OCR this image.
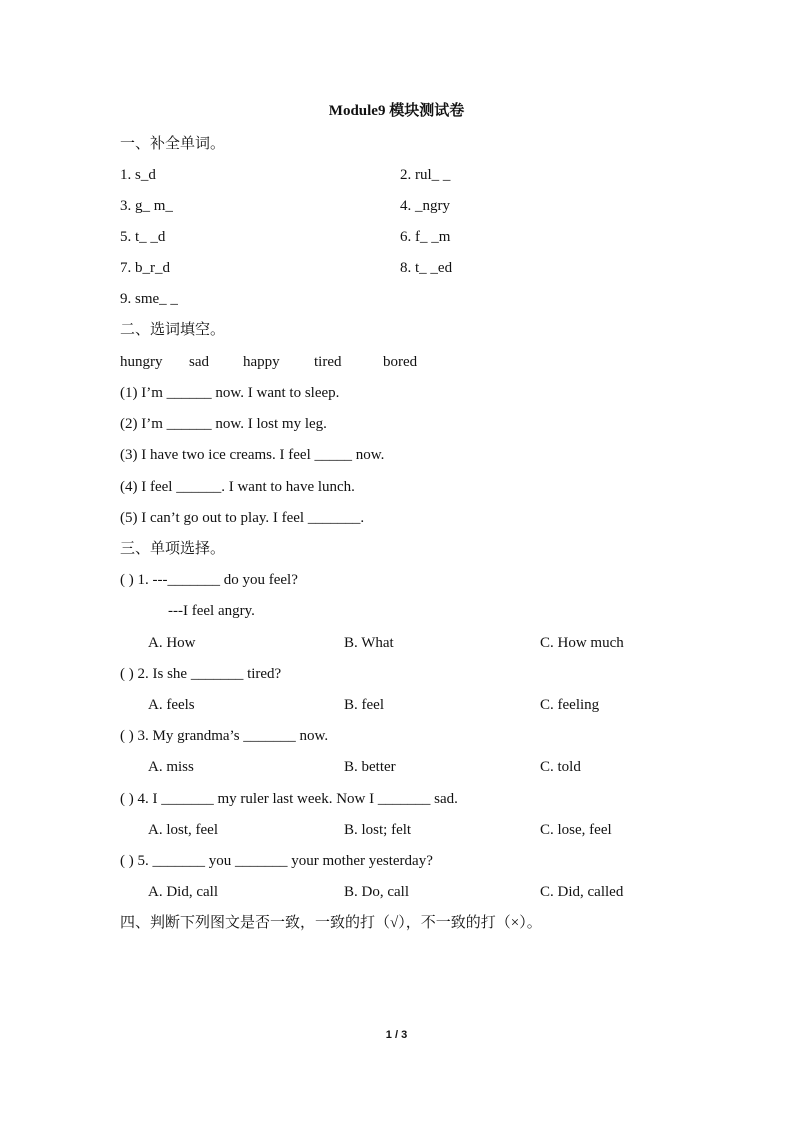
Module9 模块测试卷
一、补全单词。
1. s_d	2. rul_ _
3. g_ m_	4. _ngry
5. t_ _d	6. f_ _m
7. b_r_d	8. t_ _ed
9. sme_ _
二、选词填空。
hungry sad happy tired	bored
(1) I’m ______ now. I want to sleep.
(2) I’m ______ now. I lost my leg.
(3) I have two ice creams. I feel _____ now.
(4) I feel ______. I want to have lunch.
(5) I can’t go out to play. I feel _______.
三、单项选择。
( ) 1. ---_______ do you feel?
---I feel angry.
A. How	B. What	C. How much
( ) 2. Is she _______ tired?
A. feels	B. feel	C. feeling
( ) 3. My grandma’s _______ now.
A. miss	B. better	C. told
( ) 4. I _______ my ruler last week. Now I _______ sad.
A. lost, feel	B. lost; felt	C. lose, feel
( ) 5. _______ you _______ your mother yesterday?
A. Did, call	B. Do, call	C. Did, called
四、判断下列图文是否一致，一致的打（√），不一致的打（×）。
1 / 3
